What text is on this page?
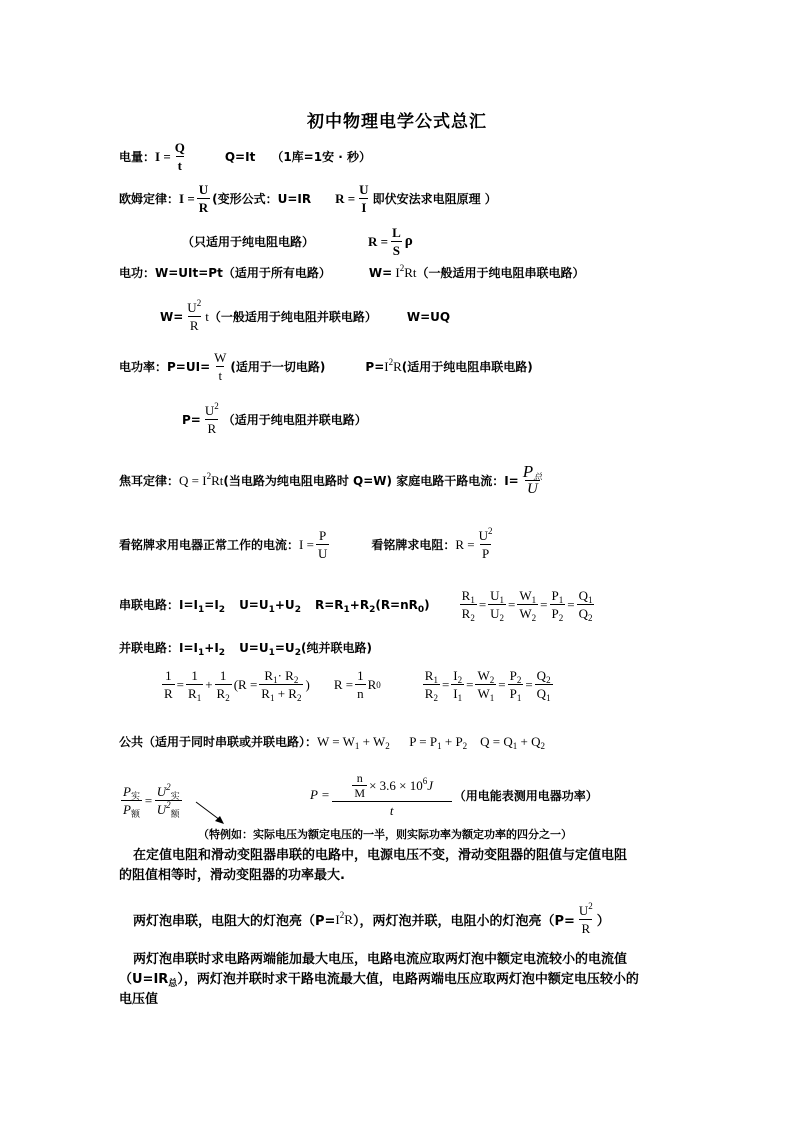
初中物理电学公式总汇
电量： $I = \frac{Q}{t}$	Q=It （1库=1安 · 秒）
欧姆定律： $I = \frac{U}{R}$ (变形公式：U=IR $R = \frac{U}{I}$ 即伏安法求电阻原理 ）
（只适用于纯电阻电路）	$R = \frac{L}{S}$ ρ
电功： W=UIt=Pt（适用于所有电路）	$W= I^2Rt$ （一般适用于纯电阻串联电路）
$W= \frac{U^2}{R}$ t （一般适用于纯电阻并联电路）	W=UQ
电功率： $P=UI= \frac{W}{t}$ (适用于一切电路)	$P= I^2R$ (适用于纯电阻串联电路)
$P= \frac{U^2}{R}$ （适用于纯电阻并联电路）
焦耳定律： $Q = I^2Rt$ (当电路为纯电阻电路时 Q=W) 家庭电路干路电流： $I= \frac{P_总}{U}$
看铭牌求用电器正常工作的电流： $I = \frac{P}{U}$	看铭牌求电阻： $R = \frac{U^2}{P}$
串联电路： $I=I_1=I_2$ $U=U_1+U_2$ $R=R_1+R_2(R=nR_0) \frac{R_1}{R_2} = \frac{U_1}{U_2} = \frac{W_1}{W_2} = \frac{P_1}{P_2} = \frac{Q_1}{Q_2}$
并联电路： $I=I_1+I_2$ $U=U_1=U_2$ (纯并联电路)
$\frac{1}{R} = \frac{1}{R_1} + \frac{1}{R_2} (R = \frac{R_1\cdot R_2}{R_1 + R_2}$ )
$R = \frac{1}{n}$ R 0	$\frac{R_1}{R_2} = \frac{I_2}{I_1} = \frac{W_2}{W_1} = \frac{P_2}{P_1} = \frac{Q_2}{Q_1}$
公共（适用于同时串联或并联电路）： $W = W_1 + W_2$      $P = P_1 + P_2$    $Q = Q_1 + Q_2$
$\frac{P_实}{P_额} = \frac{U^2_实}{U^2_额}$	$P = \frac{\frac{n}{M} \times 3.6 \times 10^6J}{t}$ （用电能表测用电器功率）
（特例如：实际电压为额定电压的一半，则实际功率为额定功率的四分之一）
在定值电阻和滑动变阻器串联的电路中，电源电压不变，滑动变阻器的阻值与定值电阻
的阻值相等时，滑动变阻器的功率最大.
两灯泡串联，电阻大的灯泡亮（$P= I^2R$ ），两灯泡并联，电阻小的灯泡亮（$P= \frac{U^2}{R}$ ）
两灯泡串联时求电路两端能加最大电压，电路电流应取两灯泡中额定电流较小的电流值
$(U=IR_总)$，两灯泡并联时求干路电流最大值，电路两端电压应取两灯泡中额定电压较小的
电压值
